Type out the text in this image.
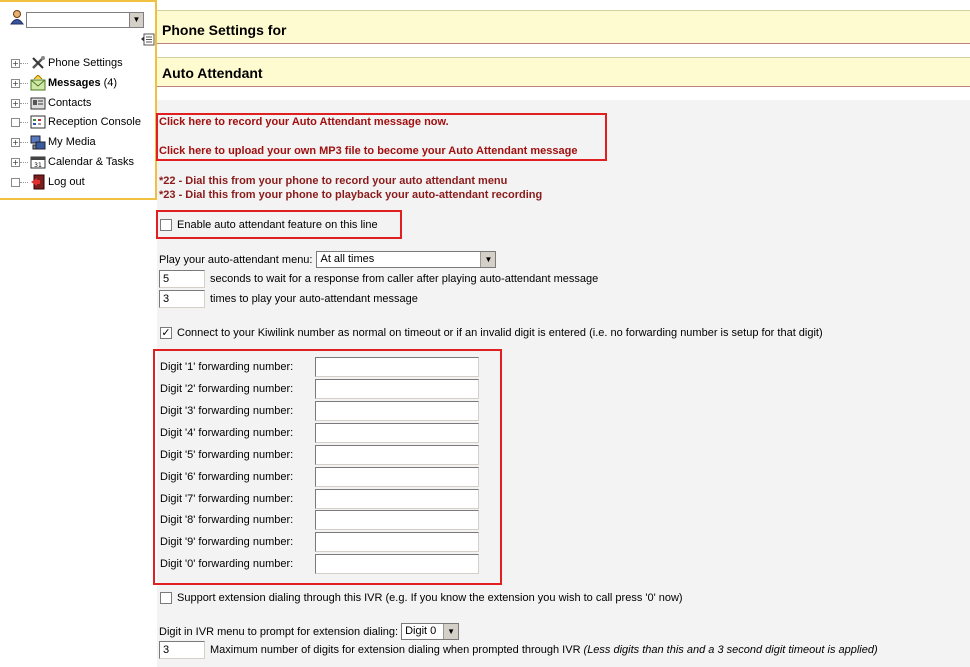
▼
+	Phone Settings
+	Messages (4)
+	Contacts
Reception Console
+	My Media
+	31 Calendar & Tasks
Log out
Phone Settings for
Auto Attendant
Click here to record your Auto Attendant message now.
Click here to upload your own MP3 file to become your Auto Attendant message
*22 - Dial this from your phone to record your auto attendant menu
*23 - Dial this from your phone to playback your auto-attendant recording
Enable auto attendant feature on this line
Play your auto-attendant menu: At all times	▼
5
seconds to wait for a response from caller after playing auto-attendant message
3
times to play your auto-attendant message
✓ Connect to your Kiwilink number as normal on timeout or if an invalid digit is entered (i.e. no forwarding number is setup for that digit)
Digit '1' forwarding number:
Digit '2' forwarding number:
Digit '3' forwarding number:
Digit '4' forwarding number:
Digit '5' forwarding number:
Digit '6' forwarding number:
Digit '7' forwarding number:
Digit '8' forwarding number:
Digit '9' forwarding number:
Digit '0' forwarding number:
Support extension dialing through this IVR (e.g. If you know the extension you wish to call press '0' now)
Digit in IVR menu to prompt for extension dialing: Digit 0	▼
3
Maximum number of digits for extension dialing when prompted through IVR (Less digits than this and a 3 second digit timeout is applied)
